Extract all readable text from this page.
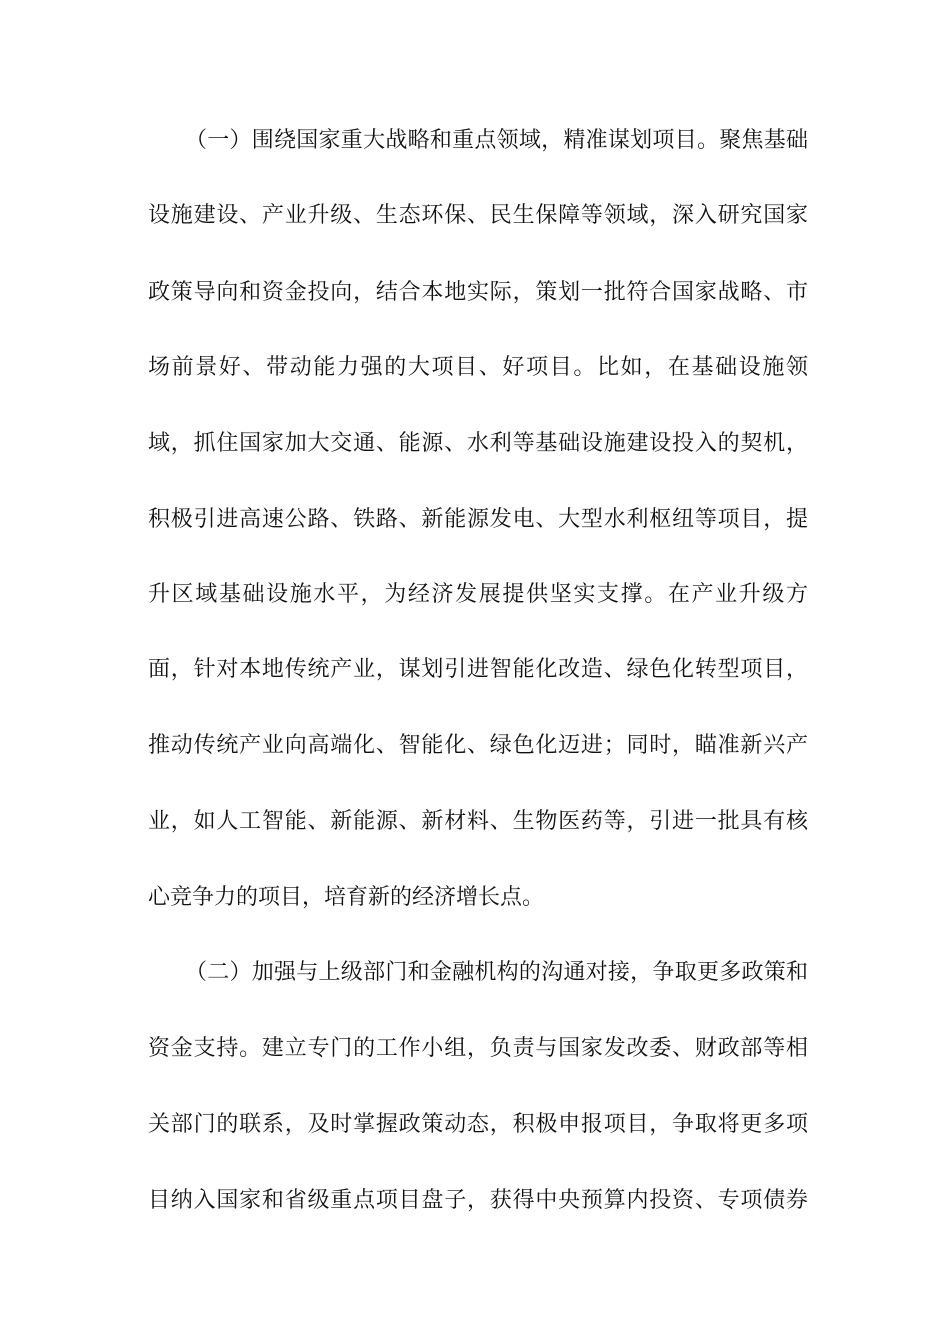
（一）围绕国家重大战略和重点领域，精准谋划项目。聚焦基础
设施建设、产业升级、生态环保、民生保障等领域，深入研究国家
政策导向和资金投向，结合本地实际，策划一批符合国家战略、市
场前景好、带动能力强的大项目、好项目。比如，在基础设施领
域，抓住国家加大交通、能源、水利等基础设施建设投入的契机，
积极引进高速公路、铁路、新能源发电、大型水利枢纽等项目，提
升区域基础设施水平，为经济发展提供坚实支撑。在产业升级方
面，针对本地传统产业，谋划引进智能化改造、绿色化转型项目，
推动传统产业向高端化、智能化、绿色化迈进；同时，瞄准新兴产
业，如人工智能、新能源、新材料、生物医药等，引进一批具有核
心竞争力的项目，培育新的经济增长点。
（二）加强与上级部门和金融机构的沟通对接，争取更多政策和
资金支持。建立专门的工作小组，负责与国家发改委、财政部等相
关部门的联系，及时掌握政策动态，积极申报项目，争取将更多项
目纳入国家和省级重点项目盘子，获得中央预算内投资、专项债券
